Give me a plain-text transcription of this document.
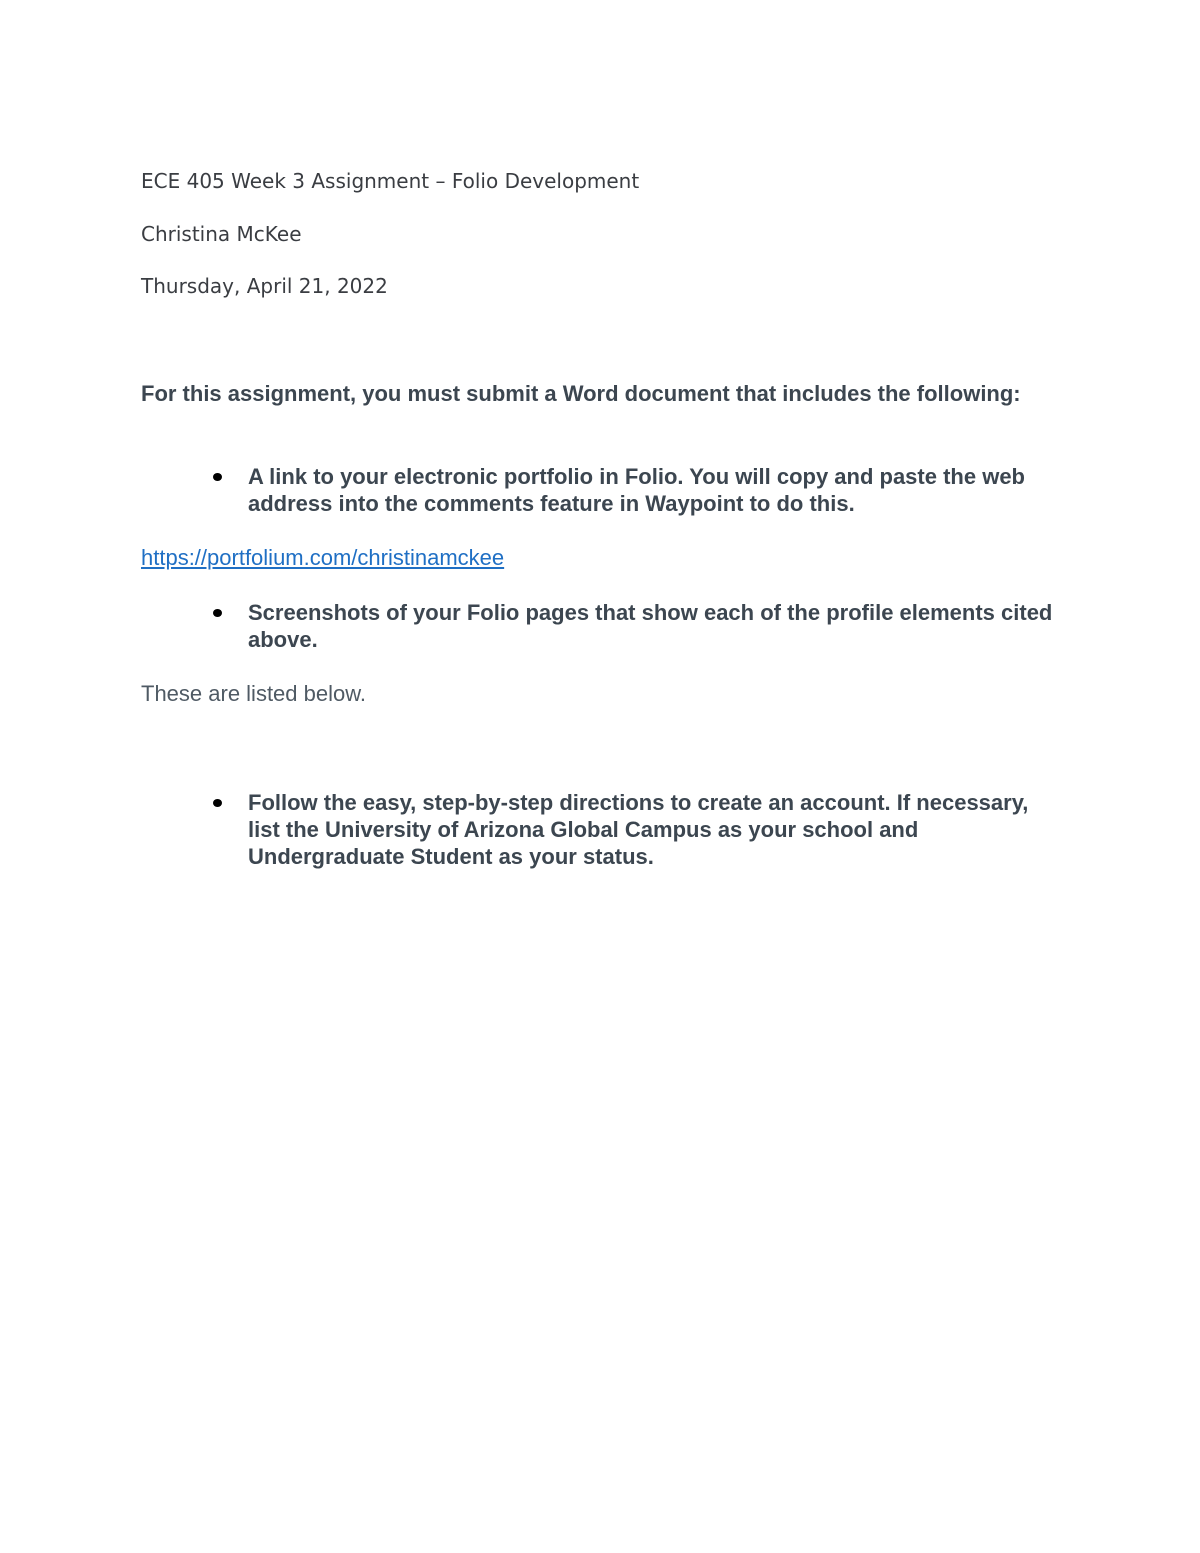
ECE 405 Week 3 Assignment – Folio Development

Christina McKee

Thursday, April 21, 2022

For this assignment, you must submit a Word document that includes the following:

A link to your electronic portfolio in Folio. You will copy and paste the web address into the comments feature in Waypoint to do this.

https://portfolium.com/christinamckee

Screenshots of your Folio pages that show each of the profile elements cited above.

These are listed below.

Follow the easy, step-by-step directions to create an account. If necessary, list the University of Arizona Global Campus as your school and Undergraduate Student as your status.
